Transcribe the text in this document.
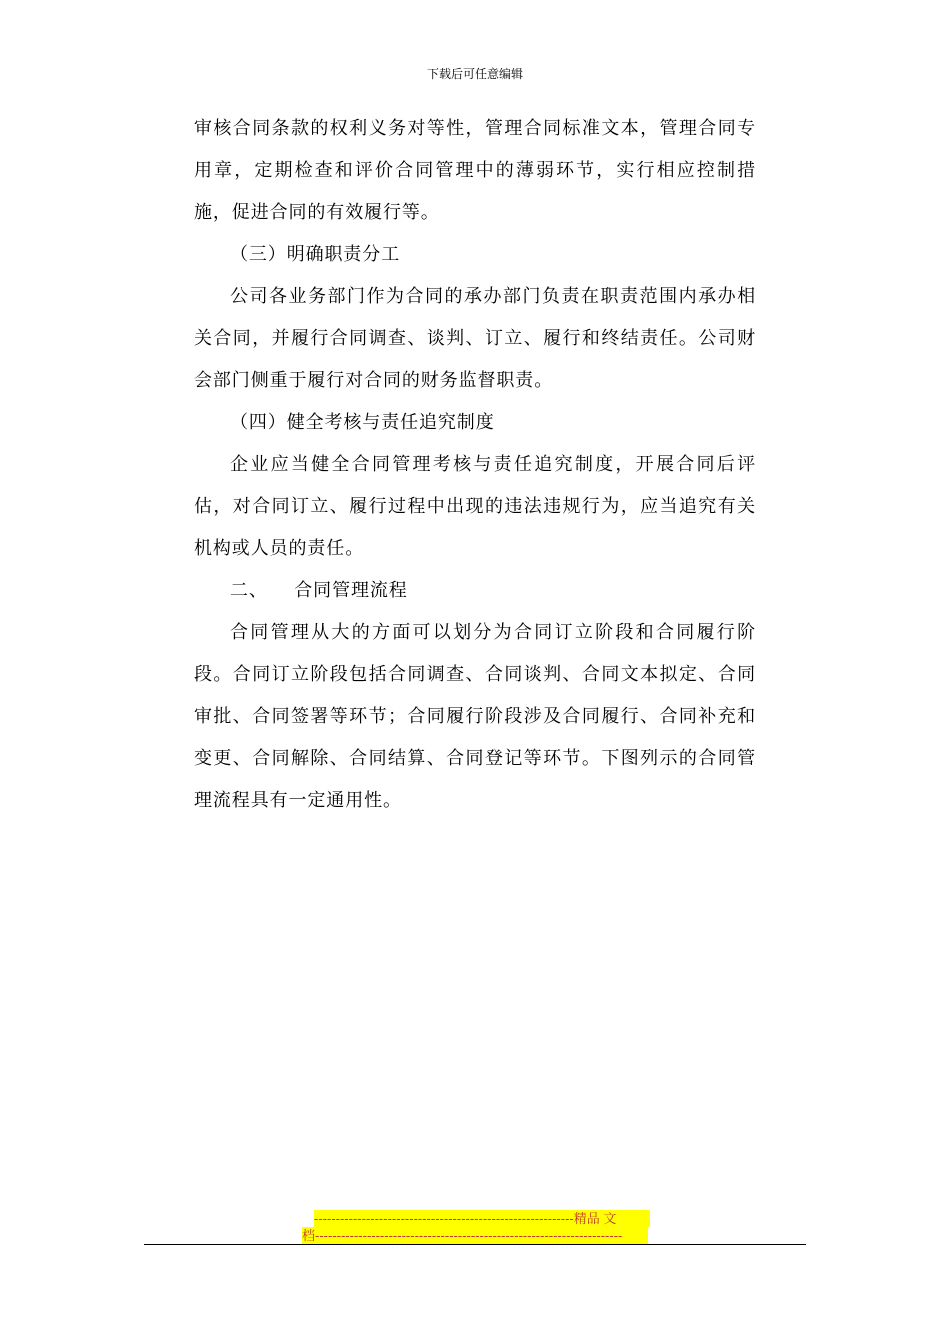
下载后可任意编辑

审核合同条款的权利义务对等性，管理合同标准文本，管理合同专用章，定期检查和评价合同管理中的薄弱环节，实行相应控制措施，促进合同的有效履行等。

（三）明确职责分工

公司各业务部门作为合同的承办部门负责在职责范围内承办相关合同，并履行合同调查、谈判、订立、履行和终结责任。公司财会部门侧重于履行对合同的财务监督职责。

（四）健全考核与责任追究制度

企业应当健全合同管理考核与责任追究制度，开展合同后评估，对合同订立、履行过程中出现的违法违规行为，应当追究有关机构或人员的责任。

二、    合同管理流程

合同管理从大的方面可以划分为合同订立阶段和合同履行阶段。合同订立阶段包括合同调查、合同谈判、合同文本拟定、合同审批、合同签署等环节；合同履行阶段涉及合同履行、合同补充和变更、合同解除、合同结算、合同登记等环节。下图列示的合同管理流程具有一定通用性。

------------------------------------------------------------精品 文
档-----------------------------------------------------------------------
